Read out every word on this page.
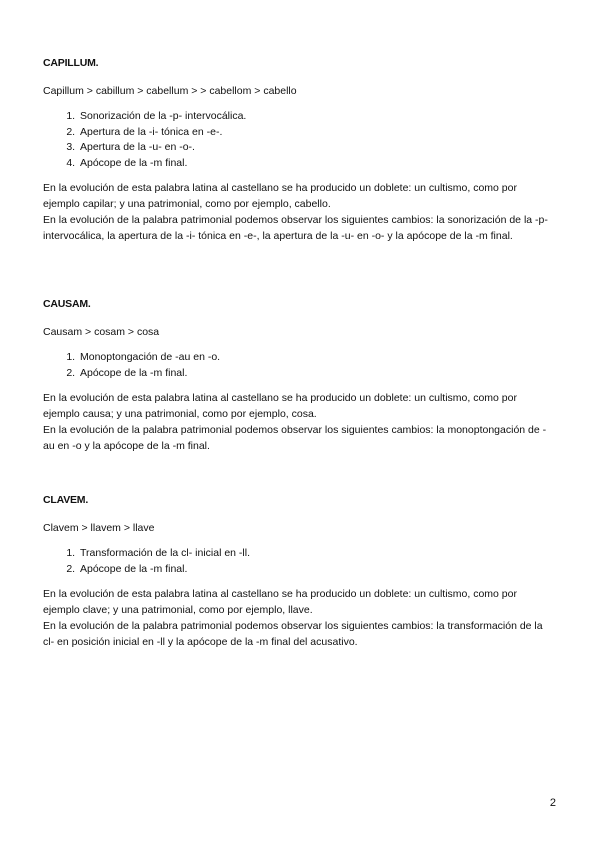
CAPILLUM.
Capillum > cabillum > cabellum > > cabellom > cabello
1. Sonorización de la -p- intervocálica.
2. Apertura de la -i- tónica en -e-.
3. Apertura de la -u- en -o-.
4. Apócope de la -m final.

En la evolución de esta palabra latina al castellano se ha producido un doblete: un cultismo, como por ejemplo capilar; y una patrimonial, como por ejemplo, cabello.

En la evolución de la palabra patrimonial podemos observar los siguientes cambios: la sonorización de la -p- intervocálica, la apertura de la -i- tónica en -e-, la apertura de la -u- en -o- y la apócope de la -m final.

CAUSAM.
Causam > cosam > cosa
1. Monoptongación de -au en -o.
2. Apócope de la -m final.

En la evolución de esta palabra latina al castellano se ha producido un doblete: un cultismo, como por ejemplo causa; y una patrimonial, como por ejemplo, cosa.

En la evolución de la palabra patrimonial podemos observar los siguientes cambios: la monoptongación de -au en -o y la apócope de la -m final.

CLAVEM.
Clavem > llavem > llave
1. Transformación de la cl- inicial en -ll.
2. Apócope de la -m final.

En la evolución de esta palabra latina al castellano se ha producido un doblete: un cultismo, como por ejemplo clave; y una patrimonial, como por ejemplo, llave.

En la evolución de la palabra patrimonial podemos observar los siguientes cambios: la transformación de la cl- en posición inicial en -ll y la apócope de la -m final del acusativo.

2
